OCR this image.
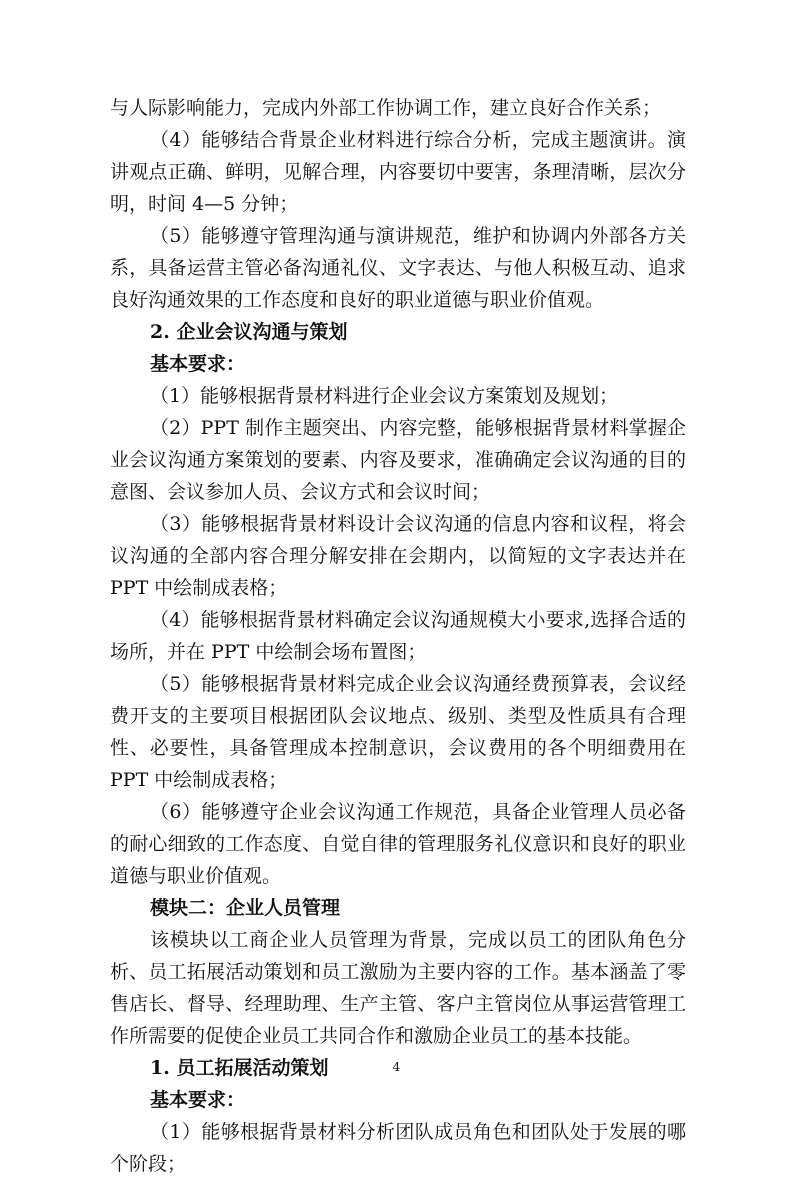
与人际影响能力，完成内外部工作协调工作，建立良好合作关系；

（4）能够结合背景企业材料进行综合分析，完成主题演讲。演讲观点正确、鲜明，见解合理，内容要切中要害，条理清晰，层次分明，时间 4—5 分钟；

（5）能够遵守管理沟通与演讲规范，维护和协调内外部各方关系，具备运营主管必备沟通礼仪、文字表达、与他人积极互动、追求良好沟通效果的工作态度和良好的职业道德与职业价值观。

2. 企业会议沟通与策划

基本要求：

（1）能够根据背景材料进行企业会议方案策划及规划；

（2）PPT 制作主题突出、内容完整，能够根据背景材料掌握企业会议沟通方案策划的要素、内容及要求，准确确定会议沟通的目的意图、会议参加人员、会议方式和会议时间；

（3）能够根据背景材料设计会议沟通的信息内容和议程，将会议沟通的全部内容合理分解安排在会期内，以简短的文字表达并在 PPT 中绘制成表格；

（4）能够根据背景材料确定会议沟通规模大小要求,选择合适的场所，并在 PPT 中绘制会场布置图；

（5）能够根据背景材料完成企业会议沟通经费预算表，会议经费开支的主要项目根据团队会议地点、级别、类型及性质具有合理性、必要性，具备管理成本控制意识，会议费用的各个明细费用在 PPT 中绘制成表格；

（6）能够遵守企业会议沟通工作规范，具备企业管理人员必备的耐心细致的工作态度、自觉自律的管理服务礼仪意识和良好的职业道德与职业价值观。

模块二：企业人员管理

该模块以工商企业人员管理为背景，完成以员工的团队角色分析、员工拓展活动策划和员工激励为主要内容的工作。基本涵盖了零售店长、督导、经理助理、生产主管、客户主管岗位从事运营管理工作所需要的促使企业员工共同合作和激励企业员工的基本技能。

1. 员工拓展活动策划

基本要求：

（1）能够根据背景材料分析团队成员角色和团队处于发展的哪个阶段；

4
